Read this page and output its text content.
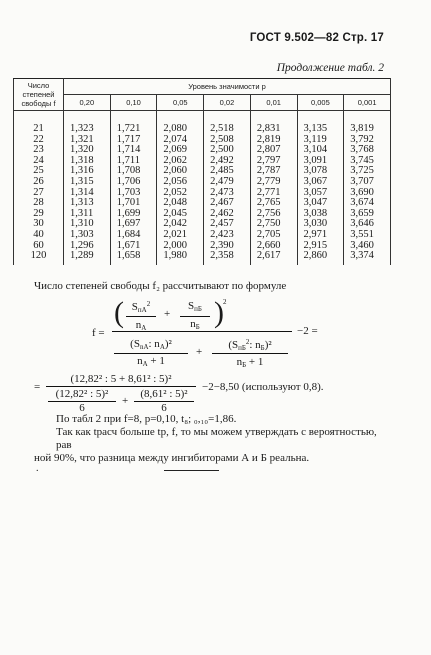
ГОСТ 9.502—82 Стр. 17
Продолжение табл. 2
Число степеней свободы f	Уровень значимости p						
	0,20	0,10	0,05	0,02	0,01	0,005	0,001
21	1,323	1,721	2,080	2,518	2,831	3,135	3,819
22	1,321	1,717	2,074	2,508	2,819	3,119	3,792
23	1,320	1,714	2,069	2,500	2,807	3,104	3,768
24	1,318	1,711	2,062	2,492	2,797	3,091	3,745
25	1,316	1,708	2,060	2,485	2,787	3,078	3,725
26	1,315	1,706	2,056	2,479	2,779	3,067	3,707
27	1,314	1,703	2,052	2,473	2,771	3,057	3,690
28	1,313	1,701	2,048	2,467	2,765	3,047	3,674
29	1,311	1,699	2,045	2,462	2,756	3,038	3,659
30	1,310	1,697	2,042	2,457	2,750	3,030	3,646
40	1,303	1,684	2,021	2,423	2,705	2,971	3,551
60	1,296	1,671	2,000	2,390	2,660	2,915	3,460
120	1,289	1,658	1,980	2,358	2,617	2,860	3,374
Число степеней свободы f₂ рассчитывают по формуле
f =
( $S_{пА}^2$
$n_А$
+
$S_{пБ}$
$n_Б$ ) 2
−2 =
($S_{nА}$: $n_А)^2$
$n_А + 1$
+
($S_{пБ}^2$: $n_Б)^2$
$n_Б + 1$
=
(12,82² : 5 + 8,61² : 5)²
(12,82² : 5)²
6
+
(8,61² : 5)²
6
−2−8,50 (используют 0,8).
По табл 2 при f=8, p=0,10, t₈; ₀,₁₀=1,86.
Так как tрасч больше tp, f, то мы можем утверждать с вероятностью, рав
ной 90%, что разница между ингибиторами А и Б реальна.
.
